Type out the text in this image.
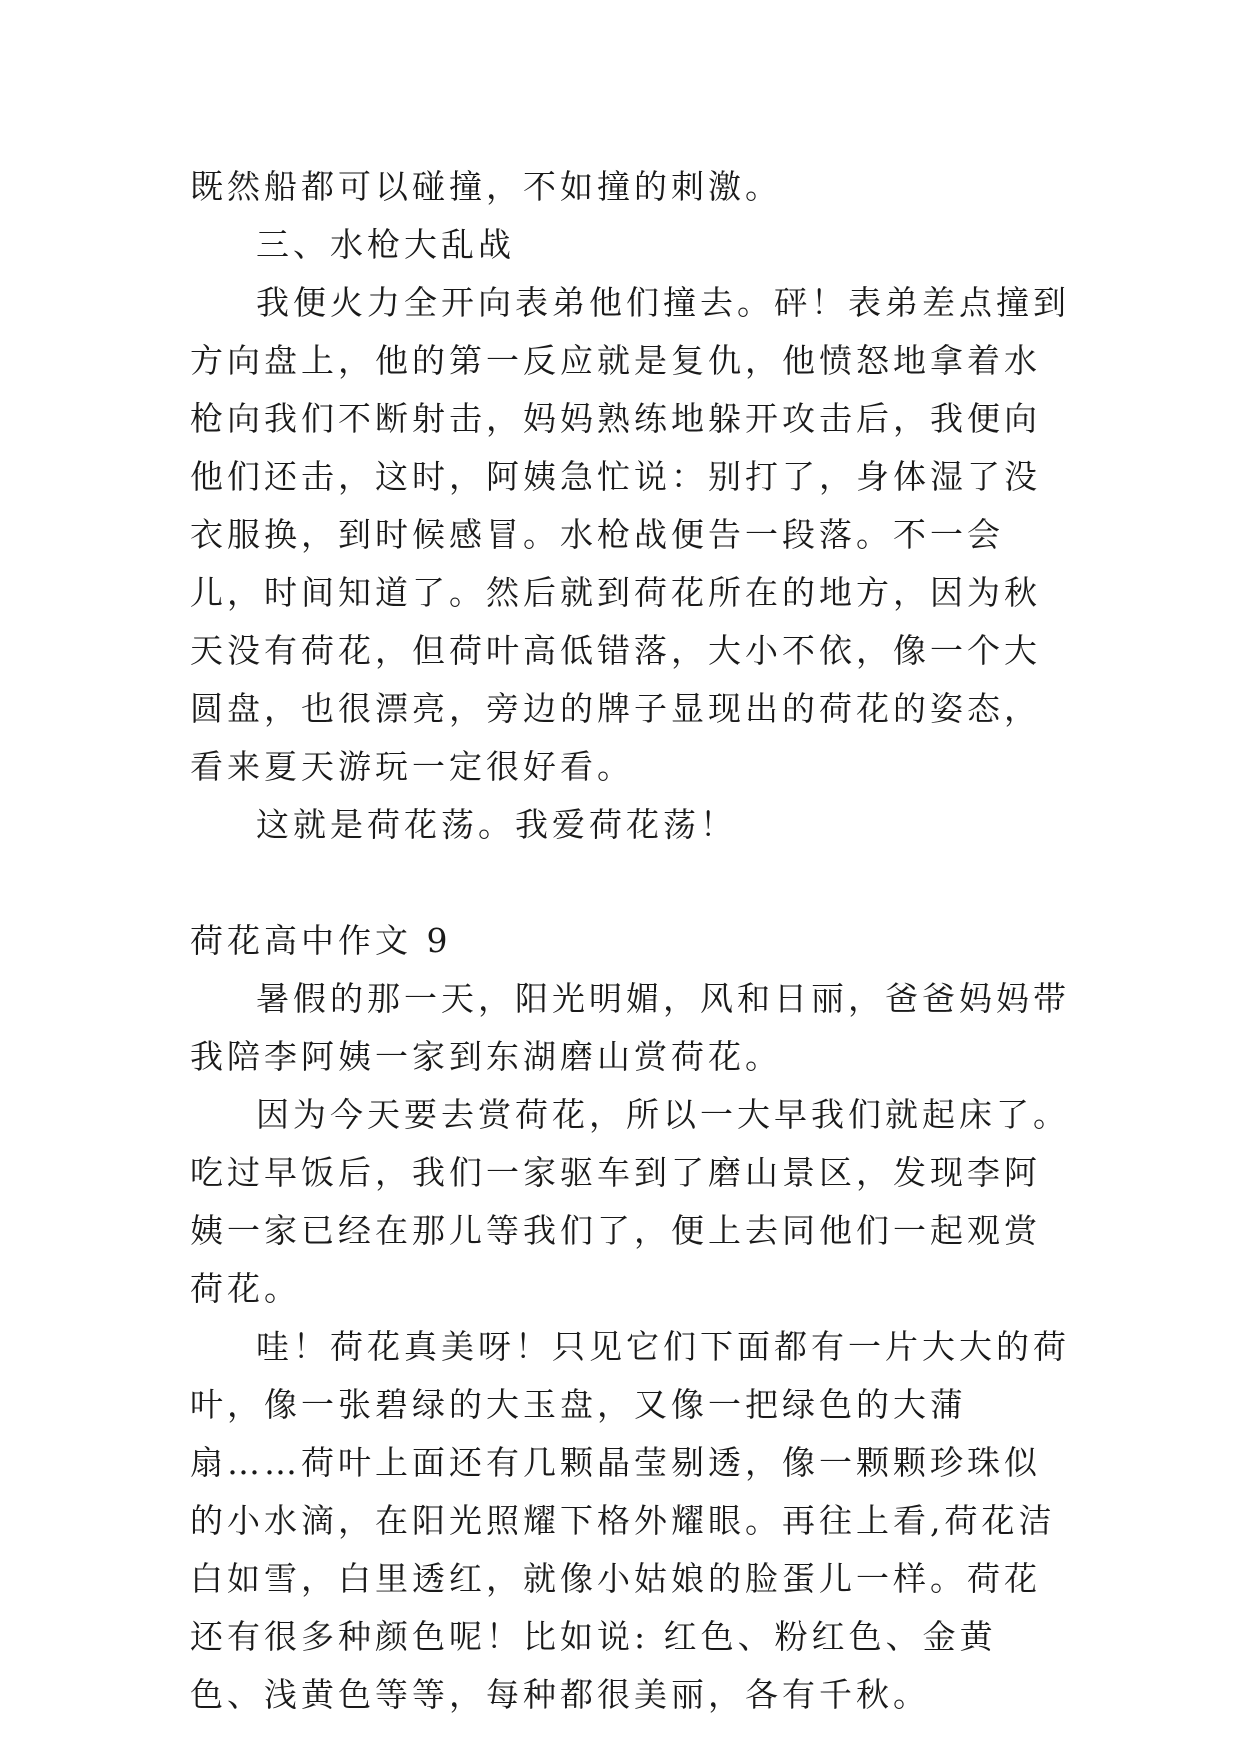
既然船都可以碰撞，不如撞的刺激。

三、水枪大乱战

我便火力全开向表弟他们撞去。砰！表弟差点撞到方向盘上，他的第一反应就是复仇，他愤怒地拿着水枪向我们不断射击，妈妈熟练地躲开攻击后，我便向他们还击，这时，阿姨急忙说：别打了，身体湿了没衣服换，到时候感冒。水枪战便告一段落。不一会儿，时间知道了。然后就到荷花所在的地方，因为秋天没有荷花，但荷叶高低错落，大小不依，像一个大圆盘，也很漂亮，旁边的牌子显现出的荷花的姿态，看来夏天游玩一定很好看。

这就是荷花荡。我爱荷花荡！

荷花高中作文 9

暑假的那一天，阳光明媚，风和日丽，爸爸妈妈带我陪李阿姨一家到东湖磨山赏荷花。

因为今天要去赏荷花，所以一大早我们就起床了。吃过早饭后，我们一家驱车到了磨山景区，发现李阿姨一家已经在那儿等我们了，便上去同他们一起观赏荷花。

哇！荷花真美呀！只见它们下面都有一片大大的荷叶，像一张碧绿的大玉盘，又像一把绿色的大蒲扇……荷叶上面还有几颗晶莹剔透，像一颗颗珍珠似的小水滴，在阳光照耀下格外耀眼。再往上看,荷花洁白如雪，白里透红，就像小姑娘的脸蛋儿一样。荷花还有很多种颜色呢！比如说: 红色、粉红色、金黄色、浅黄色等等，每种都很美丽，各有千秋。
